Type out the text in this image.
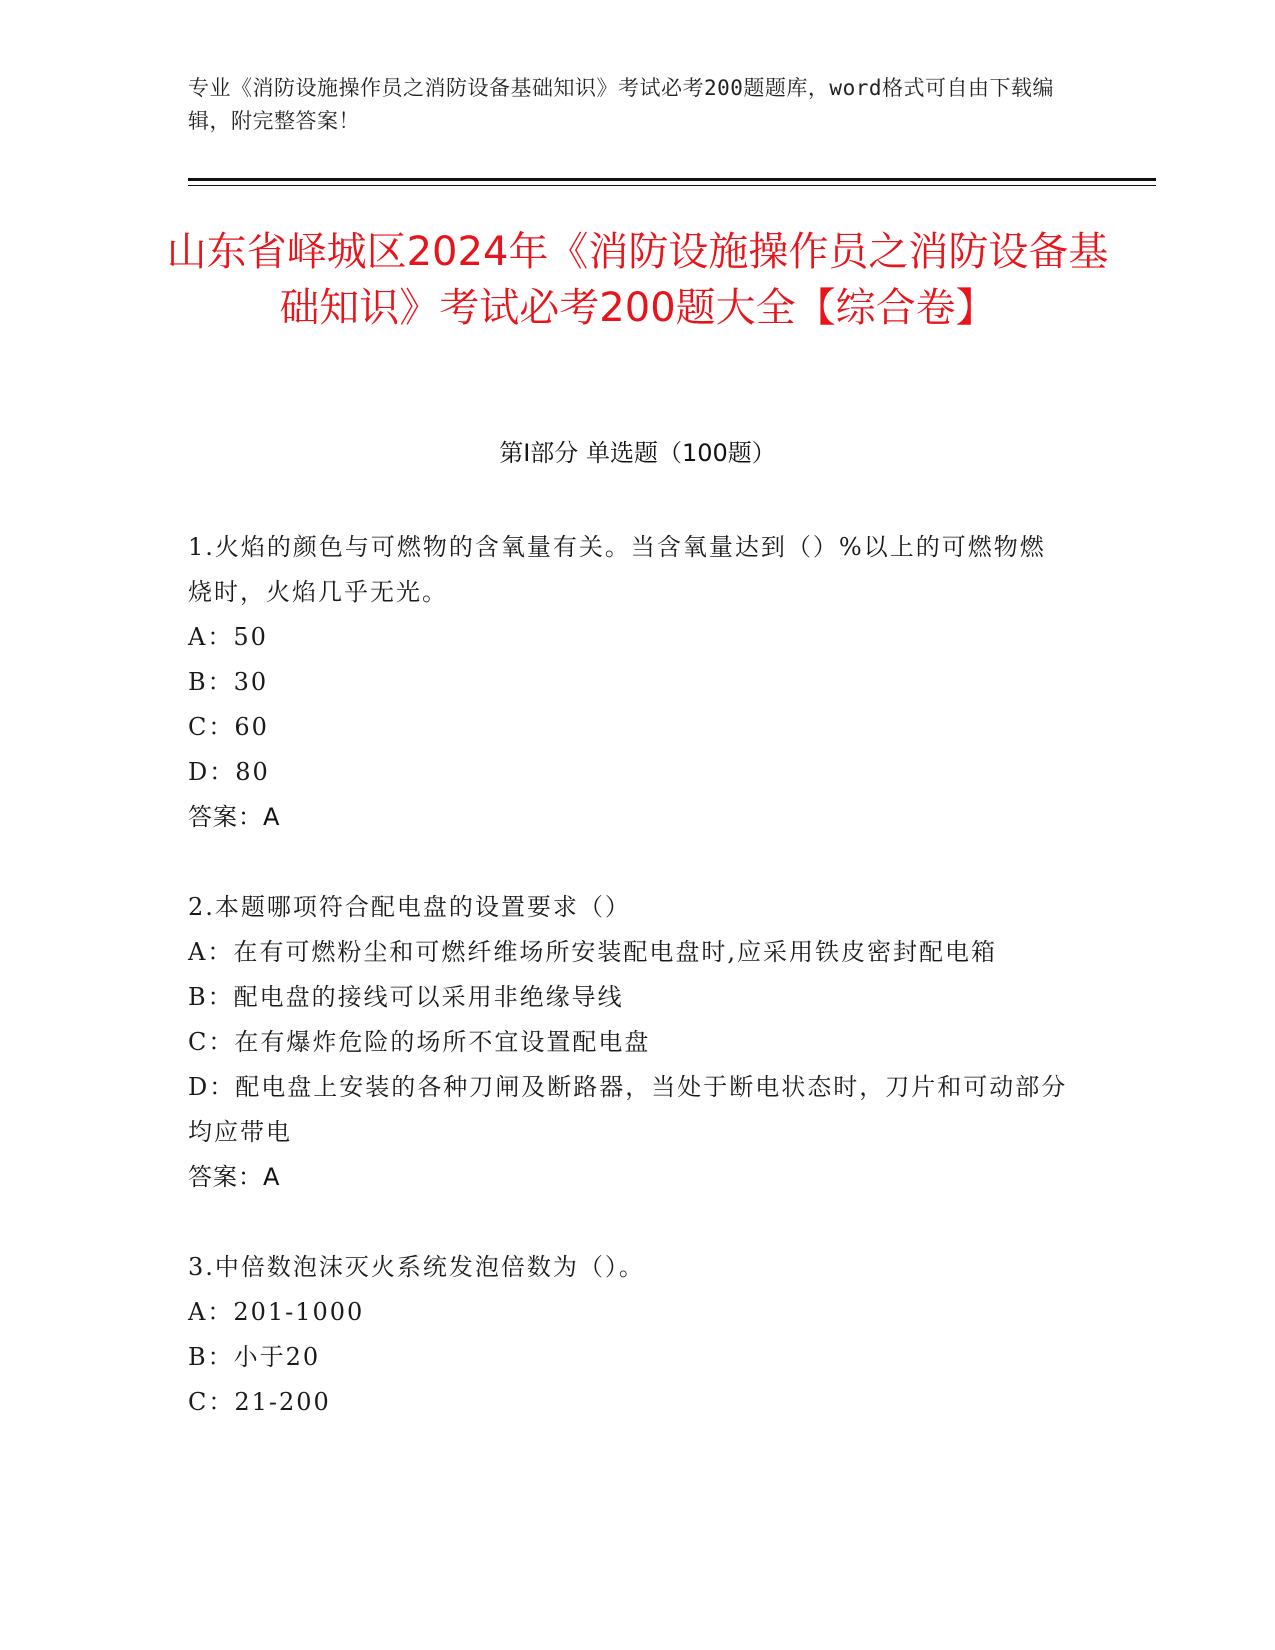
专业《消防设施操作员之消防设备基础知识》考试必考200题题库，word格式可自由下载编辑，附完整答案！
山东省峄城区2024年《消防设施操作员之消防设备基础知识》考试必考200题大全【综合卷】
第I部分 单选题（100题）
1.火焰的颜色与可燃物的含氧量有关。当含氧量达到（）%以上的可燃物燃烧时，火焰几乎无光。
A：50
B：30
C：60
D：80
答案：A
2.本题哪项符合配电盘的设置要求（）
A：在有可燃粉尘和可燃纤维场所安装配电盘时,应采用铁皮密封配电箱
B：配电盘的接线可以采用非绝缘导线
C：在有爆炸危险的场所不宜设置配电盘
D：配电盘上安装的各种刀闸及断路器，当处于断电状态时，刀片和可动部分均应带电
答案：A
3.中倍数泡沫灭火系统发泡倍数为（）。
A：201-1000
B：小于20
C：21-200
